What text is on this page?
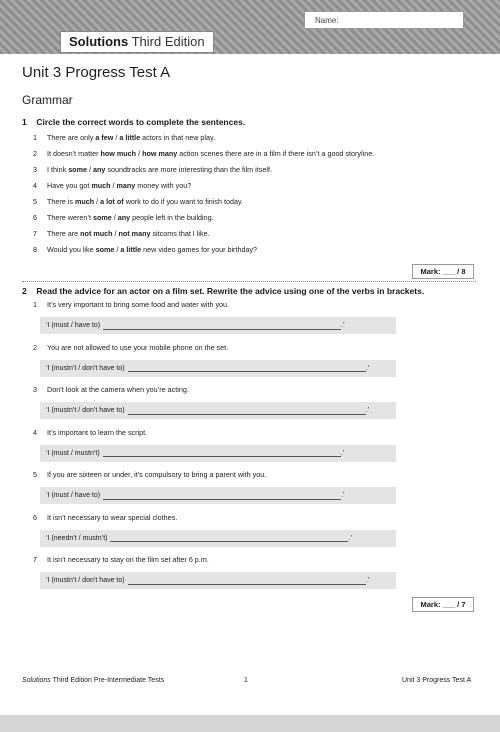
Solutions Third Edition
Name:
Unit 3 Progress Test A
Grammar
1 Circle the correct words to complete the sentences.
1 There are only a few / a little actors in that new play.
2 It doesn’t matter how much / how many action scenes there are in a film if there isn’t a good storyline.
3 I think some / any soundtracks are more interesting than the film itself.
4 Have you got much / many money with you?
5 There is much / a lot of work to do if you want to finish today.
6 There weren’t some / any people left in the building.
7 There are not much / not many sitcoms that I like.
8 Would you like some / a little new video games for your birthday?
Mark: ___ / 8
2 Read the advice for an actor on a film set. Rewrite the advice using one of the verbs in brackets.
1 It’s very important to bring some food and water with you.
‘I (must / have to)	.’
2 You are not allowed to use your mobile phone on the set.
‘I (mustn’t / don’t have to)	.’
3 Don’t look at the camera when you’re acting.
‘I (mustn’t / don’t have to)	.’
4 It’s important to learn the script.
‘I (must / mustn’t)	.’
5 If you are sixteen or under, it’s compulsory to bring a parent with you.
‘I (must / have to)	.’
6 It isn’t necessary to wear special clothes.
‘I (needn’t / mustn’t)	.’
7 It isn’t necessary to stay on the film set after 6 p.m.
‘I (mustn’t / don’t have to)	.’
Mark: ___ / 7
Solutions Third Edition Pre-Intermediate Tests	1	Unit 3 Progress Test A
